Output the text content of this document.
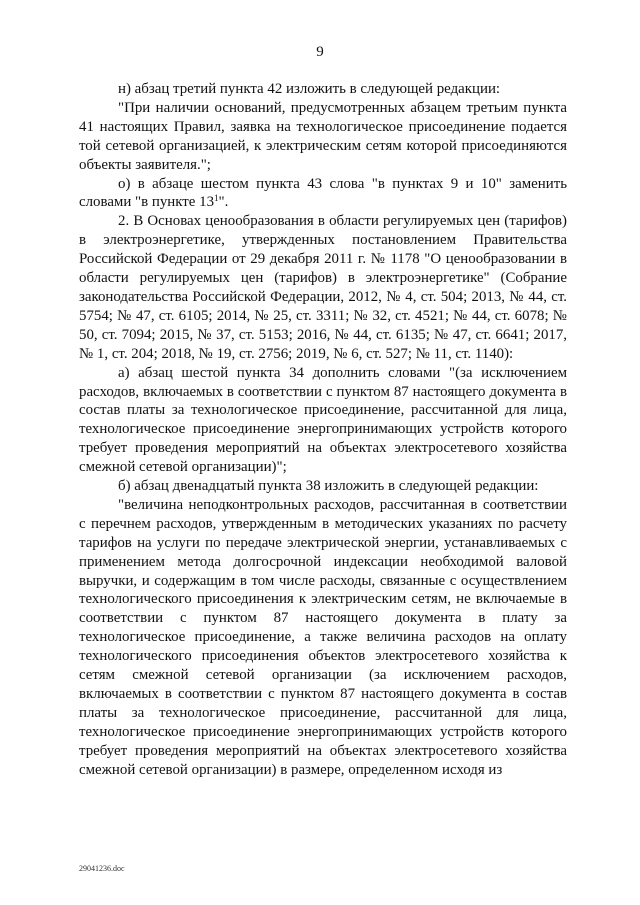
9

н) абзац третий пункта 42 изложить в следующей редакции:

"При наличии оснований, предусмотренных абзацем третьим пункта 41 настоящих Правил, заявка на технологическое присоединение подается той сетевой организацией, к электрическим сетям которой присоединяются объекты заявителя.";

о) в абзаце шестом пункта 43 слова "в пунктах 9 и 10" заменить словами "в пункте $13^1$".

2. В Основах ценообразования в области регулируемых цен (тарифов) в электроэнергетике, утвержденных постановлением Правительства Российской Федерации от 29 декабря 2011 г. № 1178 "О ценообразовании в области регулируемых цен (тарифов) в электроэнергетике" (Собрание законодательства Российской Федерации, 2012, № 4, ст. 504; 2013, № 44, ст. 5754; № 47, ст. 6105; 2014, № 25, ст. 3311; № 32, ст. 4521; № 44, ст. 6078; № 50, ст. 7094; 2015, № 37, ст. 5153; 2016, № 44, ст. 6135; № 47, ст. 6641; 2017, № 1, ст. 204; 2018, № 19, ст. 2756; 2019, № 6, ст. 527; № 11, ст. 1140):

а) абзац шестой пункта 34 дополнить словами "(за исключением расходов, включаемых в соответствии с пунктом 87 настоящего документа в состав платы за технологическое присоединение, рассчитанной для лица, технологическое присоединение энергопринимающих устройств которого требует проведения мероприятий на объектах электросетевого хозяйства смежной сетевой организации)";

б) абзац двенадцатый пункта 38 изложить в следующей редакции:

"величина неподконтрольных расходов, рассчитанная в соответствии с перечнем расходов, утвержденным в методических указаниях по расчету тарифов на услуги по передаче электрической энергии, устанавливаемых с применением метода долгосрочной индексации необходимой валовой выручки, и содержащим в том числе расходы, связанные с осуществлением технологического присоединения к электрическим сетям, не включаемые в соответствии с пунктом 87 настоящего документа в плату за технологическое присоединение, а также величина расходов на оплату технологического присоединения объектов электросетевого хозяйства к сетям смежной сетевой организации (за исключением расходов, включаемых в соответствии с пунктом 87 настоящего документа в состав платы за технологическое присоединение, рассчитанной для лица, технологическое присоединение энергопринимающих устройств которого требует проведения мероприятий на объектах электросетевого хозяйства смежной сетевой организации) в размере, определенном исходя из

29041236.doc
